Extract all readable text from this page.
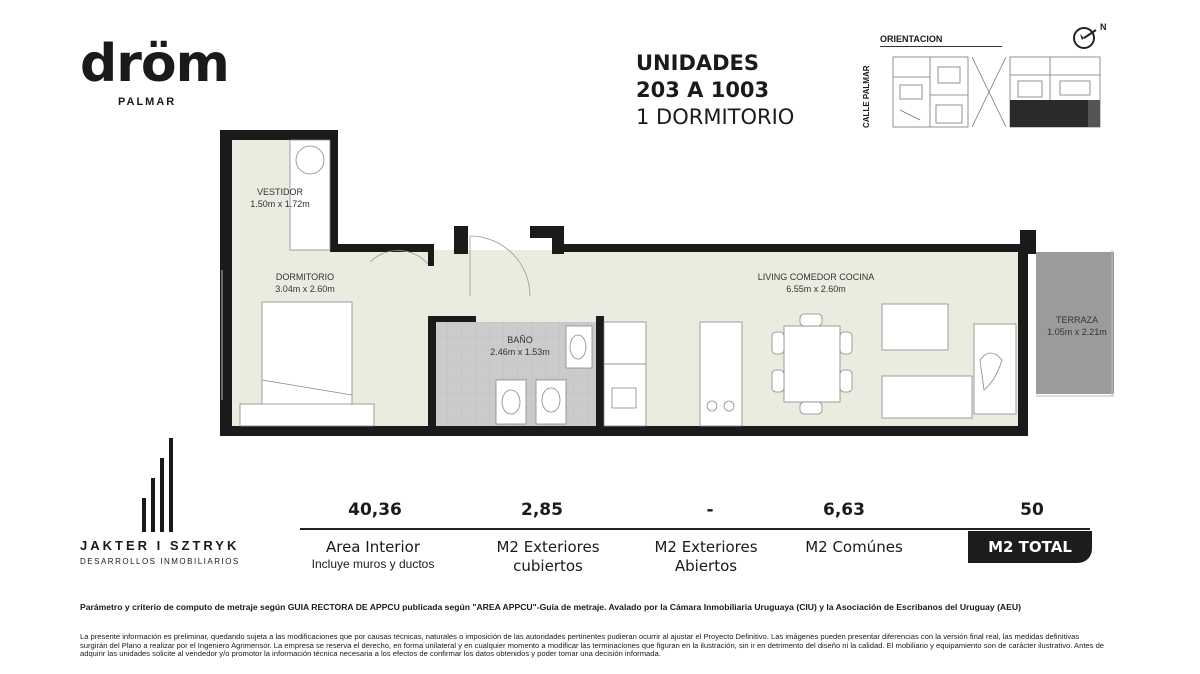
dröm
PALMAR
UNIDADES
203 A 1003
1 DORMITORIO
ORIENTACION
CALLE PALMAR
N
VESTIDOR
1.50m x 1.72m
DORMITORIO
3.04m x 2.60m
BAÑO
2.46m x 1.53m
LIVING COMEDOR COCINA
6.55m x 2.60m
TERRAZA
1.05m x 2.21m
JAKTER I SZTRYK
DESARROLLOS INMOBILIARIOS
40,36	2,85	-	6,63	50
Area Interior
Incluye muros y ductos
M2 Exteriores cubiertos
M2 Exteriores Abiertos
M2 Comúnes	M2 TOTAL
Parámetro y criterio de computo de metraje según GUIA RECTORA DE APPCU publicada según "AREA APPCU"-Guía de metraje. Avalado por la Cámara Inmobiliaria Uruguaya (CIU) y la Asociación de Escribanos del Uruguay (AEU)
La presente información es preliminar, quedando sujeta a las modificaciones que por causas técnicas, naturales o imposición de las autoridades pertinentes pudieran ocurrir al ajustar el Proyecto Definitivo. Las imágenes pueden presentar diferencias con la versión final real, las medidas definitivas surgirán del Plano a realizar por el Ingeniero Agrimensor. La empresa se reserva el derecho, en forma unilateral y en cualquier momento a modificar las terminaciones que figuran en la ilustración, sin ir en detrimento del diseño ni la calidad. El mobiliario y equipamiento son de carácter ilustrativo. Antes de adquirir las unidades solicite al vendedor y/o promotor la información técnica necesaria a los efectos de confirmar los datos obtenidos y poder tomar una decisión informada.
